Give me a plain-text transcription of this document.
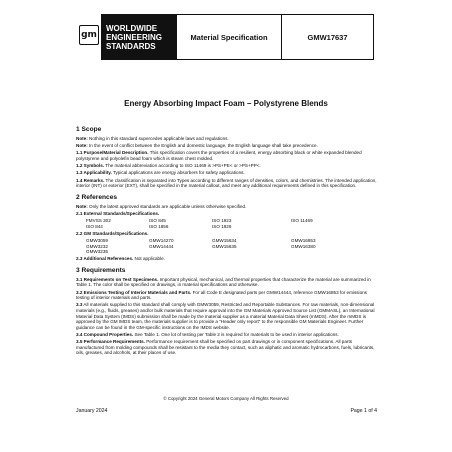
gm
WORLDWIDE
ENGINEERING
STANDARDS
Material Specification	GMW17637
Energy Absorbing Impact Foam – Polystyrene Blends
1 Scope

Note: Nothing in this standard supercedes applicable laws and regulations.

Note: In the event of conflict between the English and domestic language, the English language shall take precedence.

1.1 Purpose/Material Description. This specification covers the properties of a resilient, energy absorbing black or white expanded blended polystyrene and polyolefin bead foam which is steam chest molded.

1.2 Symbols. The material abbreviation according to ISO 11469 is >PS+PE< or >PS+PP<.

1.3 Applicability. Typical applications are energy absorbers for safety applications.

1.4 Remarks. The classification is separated into Types according to different ranges of densities, colors, and chemistries. The intended application, interior (INT) or exterior (EXT), shall be specified in the material callout, and meet any additional requirements defined in this specification.

2 References

Note: Only the latest approved standards are applicable unless otherwise specified.

2.1 External Standards/Specifications.

FMVSS 302	ISO 845	ISO 1923	ISO 11469
ISO 844	ISO 1856	ISO 1926

2.2 GM Standards/Specifications.

GMW3059	GMW14270	GMW15634	GMW16853
GMW3232	GMW14444	GMW15635	GMW16380
GMW3235

2.3 Additional References. Not applicable.

3 Requirements

3.1 Requirements on Test Specimens. Important physical, mechanical, and thermal properties that characterize the material are summarized in Table 1. The color shall be specified on drawings, in material specifications and otherwise.

3.2 Emissions Testing of Interior Materials and Parts. For all Code E designated parts per GMW14444, reference GMW16853 for emissions testing of interior materials and parts.

3.3 All materials supplied to this standard shall comply with GMW3059, Restricted and Reportable Substances. For raw materials, non-dimensional materials (e.g., fluids, greases) and/or bulk materials that require approval into the GM Materials Approved Source List (GMMASL), an International Material Data System (IMDS) submission shall be made by the material supplier as a material Material Data Sheet (mMDS). After the mMDS is approved by the GM IMDS team, the materials supplier is to provide a “Header only report” to the responsible GM Materials Engineer. Further guidance can be found in the GM-specific instructions on the IMDS website.

3.4 Compound Properties. See Table 1. One lot of testing per Table 2 is required for materials to be used in interior applications.

3.5 Performance Requirements. Performance requirement shall be specified on part drawings or in component specifications. All parts manufactured from molding compounds shall be resistant to the media they contact, such as aliphatic and aromatic hydrocarbons, fuels, lubricants, oils, greases, and alcohols, at their places of use.

© Copyright 2024 General Motors Company All Rights Reserved
January 2024	Page 1 of 4
